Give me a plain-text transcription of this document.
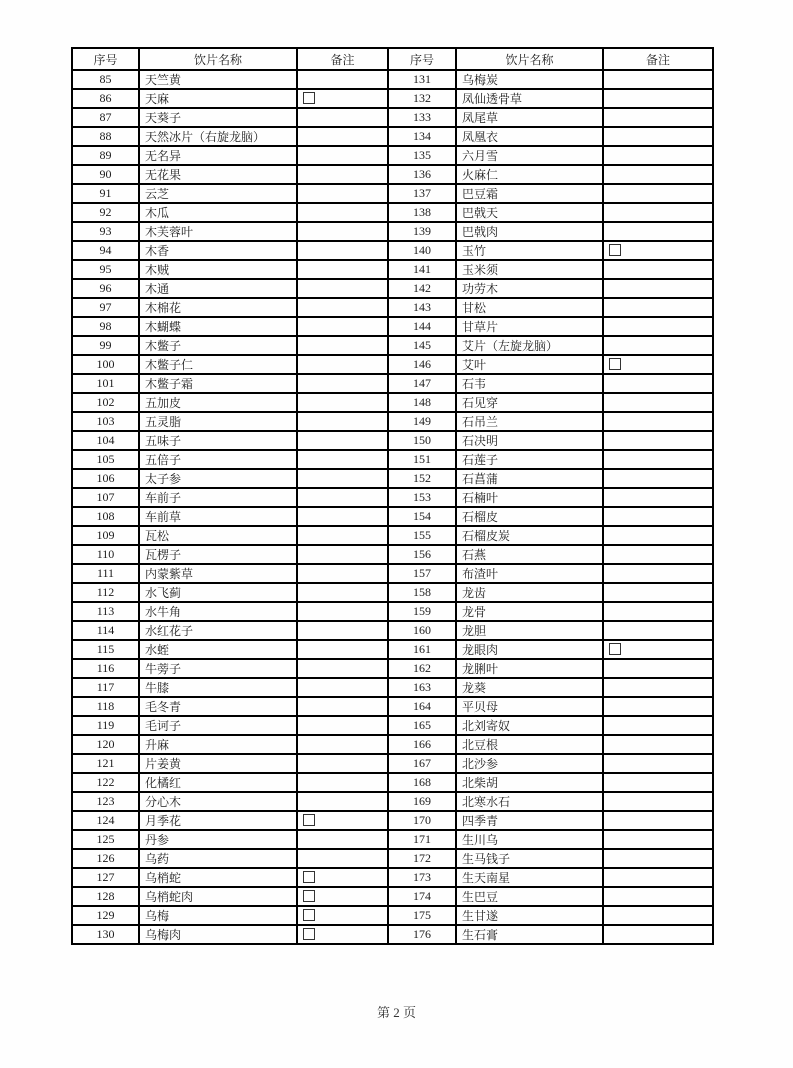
序号	饮片名称	备注	序号	饮片名称	备注
85	天竺黄		131	乌梅炭	
86	天麻		132	凤仙透骨草	
87	天葵子		133	凤尾草	
88	天然冰片（右旋龙脑）		134	凤凰衣	
89	无名异		135	六月雪	
90	无花果		136	火麻仁	
91	云芝		137	巴豆霜	
92	木瓜		138	巴戟天	
93	木芙蓉叶		139	巴戟肉	
94	木香		140	玉竹	
95	木贼		141	玉米须	
96	木通		142	功劳木	
97	木棉花		143	甘松	
98	木蝴蝶		144	甘草片	
99	木鳖子		145	艾片（左旋龙脑）	
100	木鳖子仁		146	艾叶	
101	木鳖子霜		147	石韦	
102	五加皮		148	石见穿	
103	五灵脂		149	石吊兰	
104	五味子		150	石决明	
105	五倍子		151	石莲子	
106	太子参		152	石菖蒲	
107	车前子		153	石楠叶	
108	车前草		154	石榴皮	
109	瓦松		155	石榴皮炭	
110	瓦楞子		156	石燕	
111	内蒙紫草		157	布渣叶	
112	水飞蓟		158	龙齿	
113	水牛角		159	龙骨	
114	水红花子		160	龙胆	
115	水蛭		161	龙眼肉	
116	牛蒡子		162	龙脷叶	
117	牛膝		163	龙葵	
118	毛冬青		164	平贝母	
119	毛诃子		165	北刘寄奴	
120	升麻		166	北豆根	
121	片姜黄		167	北沙参	
122	化橘红		168	北柴胡	
123	分心木		169	北寒水石	
124	月季花		170	四季青	
125	丹参		171	生川乌	
126	乌药		172	生马钱子	
127	乌梢蛇		173	生天南星	
128	乌梢蛇肉		174	生巴豆	
129	乌梅		175	生甘遂	
130	乌梅肉		176	生石膏	
第 2 页
